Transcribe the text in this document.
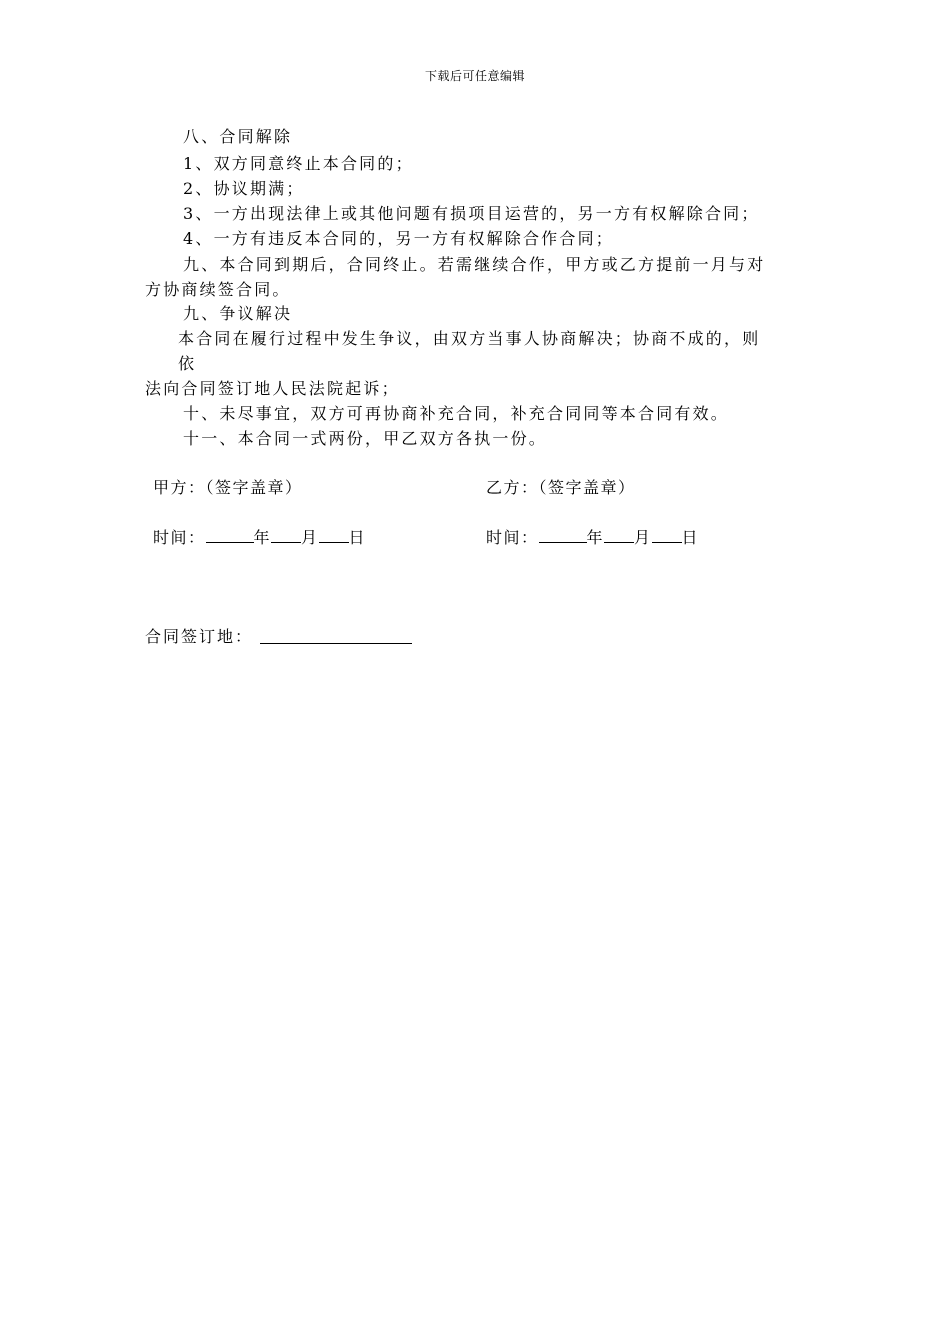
下载后可任意编辑
八、合同解除
1、双方同意终止本合同的；
2、协议期满；
3、一方出现法律上或其他问题有损项目运营的，另一方有权解除合同；
4、一方有违反本合同的，另一方有权解除合作合同；
九、本合同到期后，合同终止。若需继续合作，甲方或乙方提前一月与对
方协商续签合同。
九、争议解决
本合同在履行过程中发生争议，由双方当事人协商解决；协商不成的，则
依
法向合同签订地人民法院起诉；
十、未尽事宜，双方可再协商补充合同，补充合同同等本合同有效。
十一、本合同一式两份，甲乙双方各执一份。
甲方：（签字盖章）	乙方：（签字盖章）
时间：	年 月 日	时间：	年 月 日
合同签订地：
